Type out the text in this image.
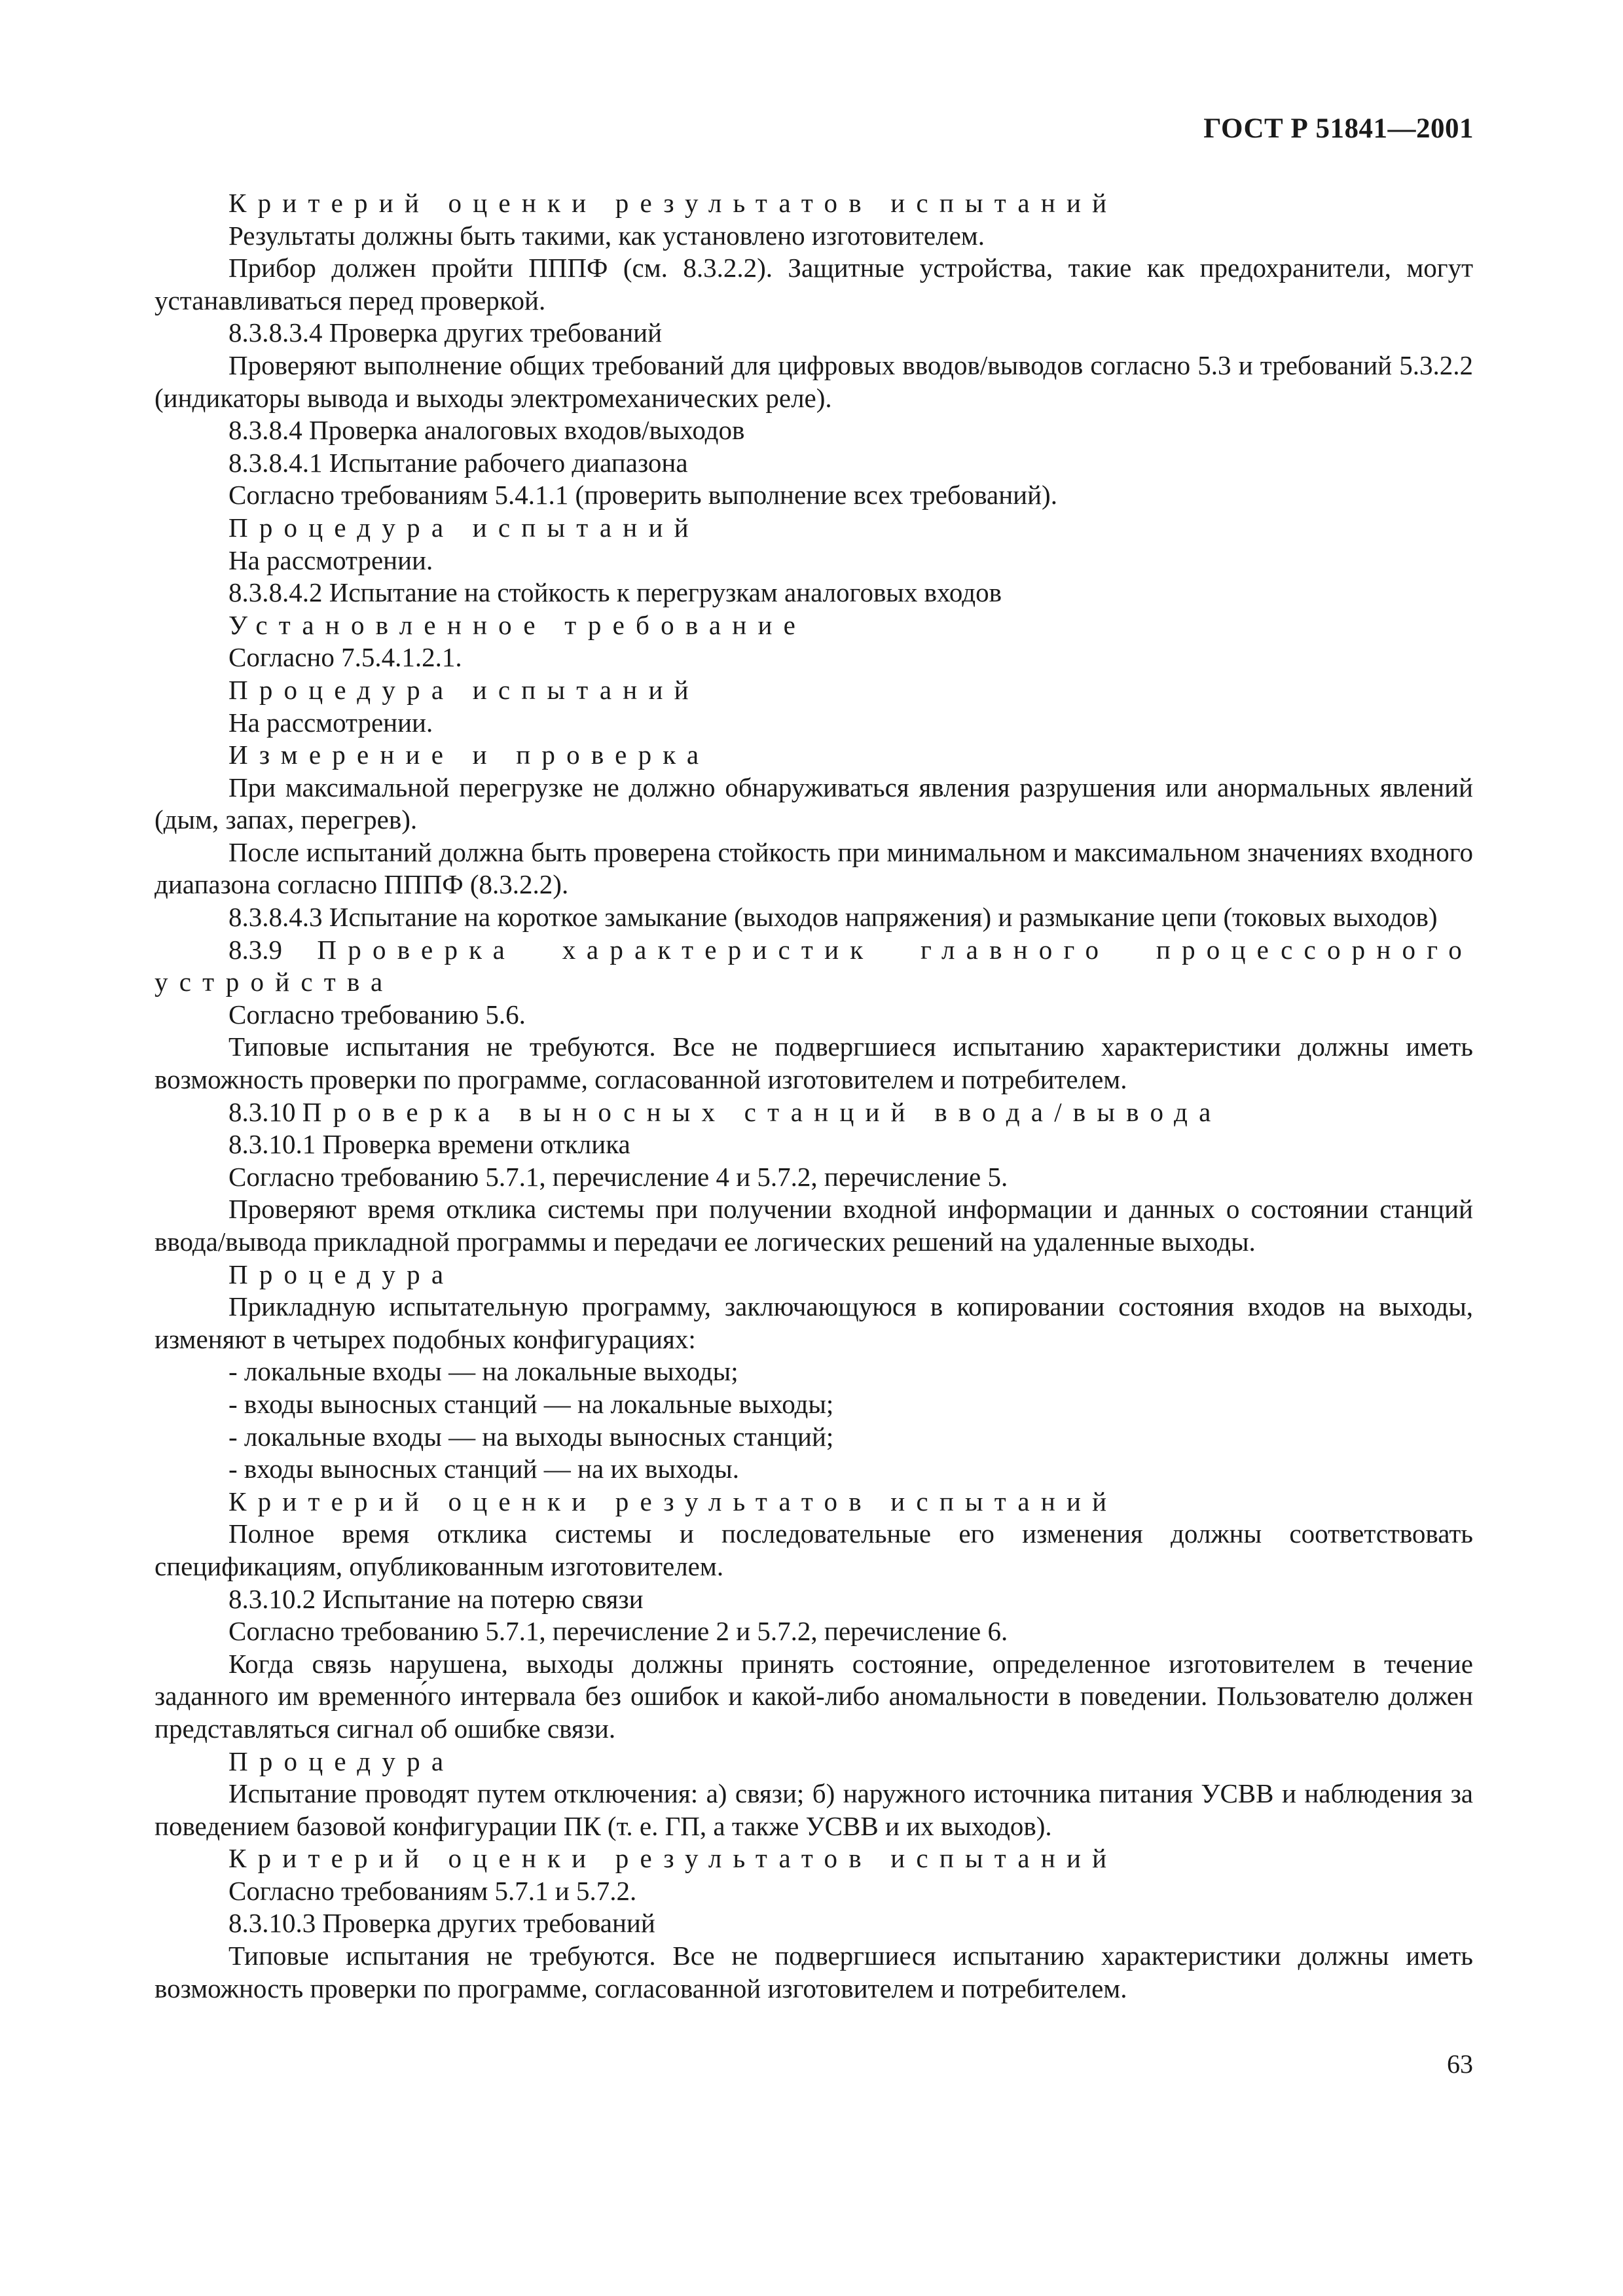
ГОСТ Р 51841—2001

Критерий оценки результатов испытаний

Результаты должны быть такими, как установлено изготовителем.

Прибор должен пройти ПППФ (см. 8.3.2.2). Защитные устройства, такие как предохранители, могут устанавливаться перед проверкой.

8.3.8.3.4 Проверка других требований

Проверяют выполнение общих требований для цифровых вводов/выводов согласно 5.3 и требований 5.3.2.2 (индикаторы вывода и выходы электромеханических реле).

8.3.8.4 Проверка аналоговых входов/выходов

8.3.8.4.1 Испытание рабочего диапазона

Согласно требованиям 5.4.1.1 (проверить выполнение всех требований).

Процедура испытаний

На рассмотрении.

8.3.8.4.2 Испытание на стойкость к перегрузкам аналоговых входов

Установленное требование

Согласно 7.5.4.1.2.1.

Процедура испытаний

На рассмотрении.

Измерение и проверка

При максимальной перегрузке не должно обнаруживаться явления разрушения или анормальных явлений (дым, запах, перегрев).

После испытаний должна быть проверена стойкость при минимальном и максимальном значениях входного диапазона согласно ПППФ (8.3.2.2).

8.3.8.4.3 Испытание на короткое замыкание (выходов напряжения) и размыкание цепи (токовых выходов)

8.3.9 Проверка характеристик главного процессорного устройства

Согласно требованию 5.6.

Типовые испытания не требуются. Все не подвергшиеся испытанию характеристики должны иметь возможность проверки по программе, согласованной изготовителем и потребителем.

8.3.10 Проверка выносных станций ввода/вывода

8.3.10.1 Проверка времени отклика

Согласно требованию 5.7.1, перечисление 4 и 5.7.2, перечисление 5.

Проверяют время отклика системы при получении входной информации и данных о состоянии станций ввода/вывода прикладной программы и передачи ее логических решений на удаленные выходы.

Процедура

Прикладную испытательную программу, заключающуюся в копировании состояния входов на выходы, изменяют в четырех подобных конфигурациях:

- локальные входы — на локальные выходы;

- входы выносных станций — на локальные выходы;

- локальные входы — на выходы выносных станций;

- входы выносных станций — на их выходы.

Критерий оценки результатов испытаний

Полное время отклика системы и последовательные его изменения должны соответствовать спецификациям, опубликованным изготовителем.

8.3.10.2 Испытание на потерю связи

Согласно требованию 5.7.1, перечисление 2 и 5.7.2, перечисление 6.

Когда связь нарушена, выходы должны принять состояние, определенное изготовителем в течение заданного им временно́го интервала без ошибок и какой-либо аномальности в поведении. Пользователю должен представляться сигнал об ошибке связи.

Процедура

Испытание проводят путем отключения: а) связи; б) наружного источника питания УСВВ и наблюдения за поведением базовой конфигурации ПК (т. е. ГП, а также УСВВ и их выходов).

Критерий оценки результатов испытаний

Согласно требованиям 5.7.1 и 5.7.2.

8.3.10.3 Проверка других требований

Типовые испытания не требуются. Все не подвергшиеся испытанию характеристики должны иметь возможность проверки по программе, согласованной изготовителем и потребителем.

63
